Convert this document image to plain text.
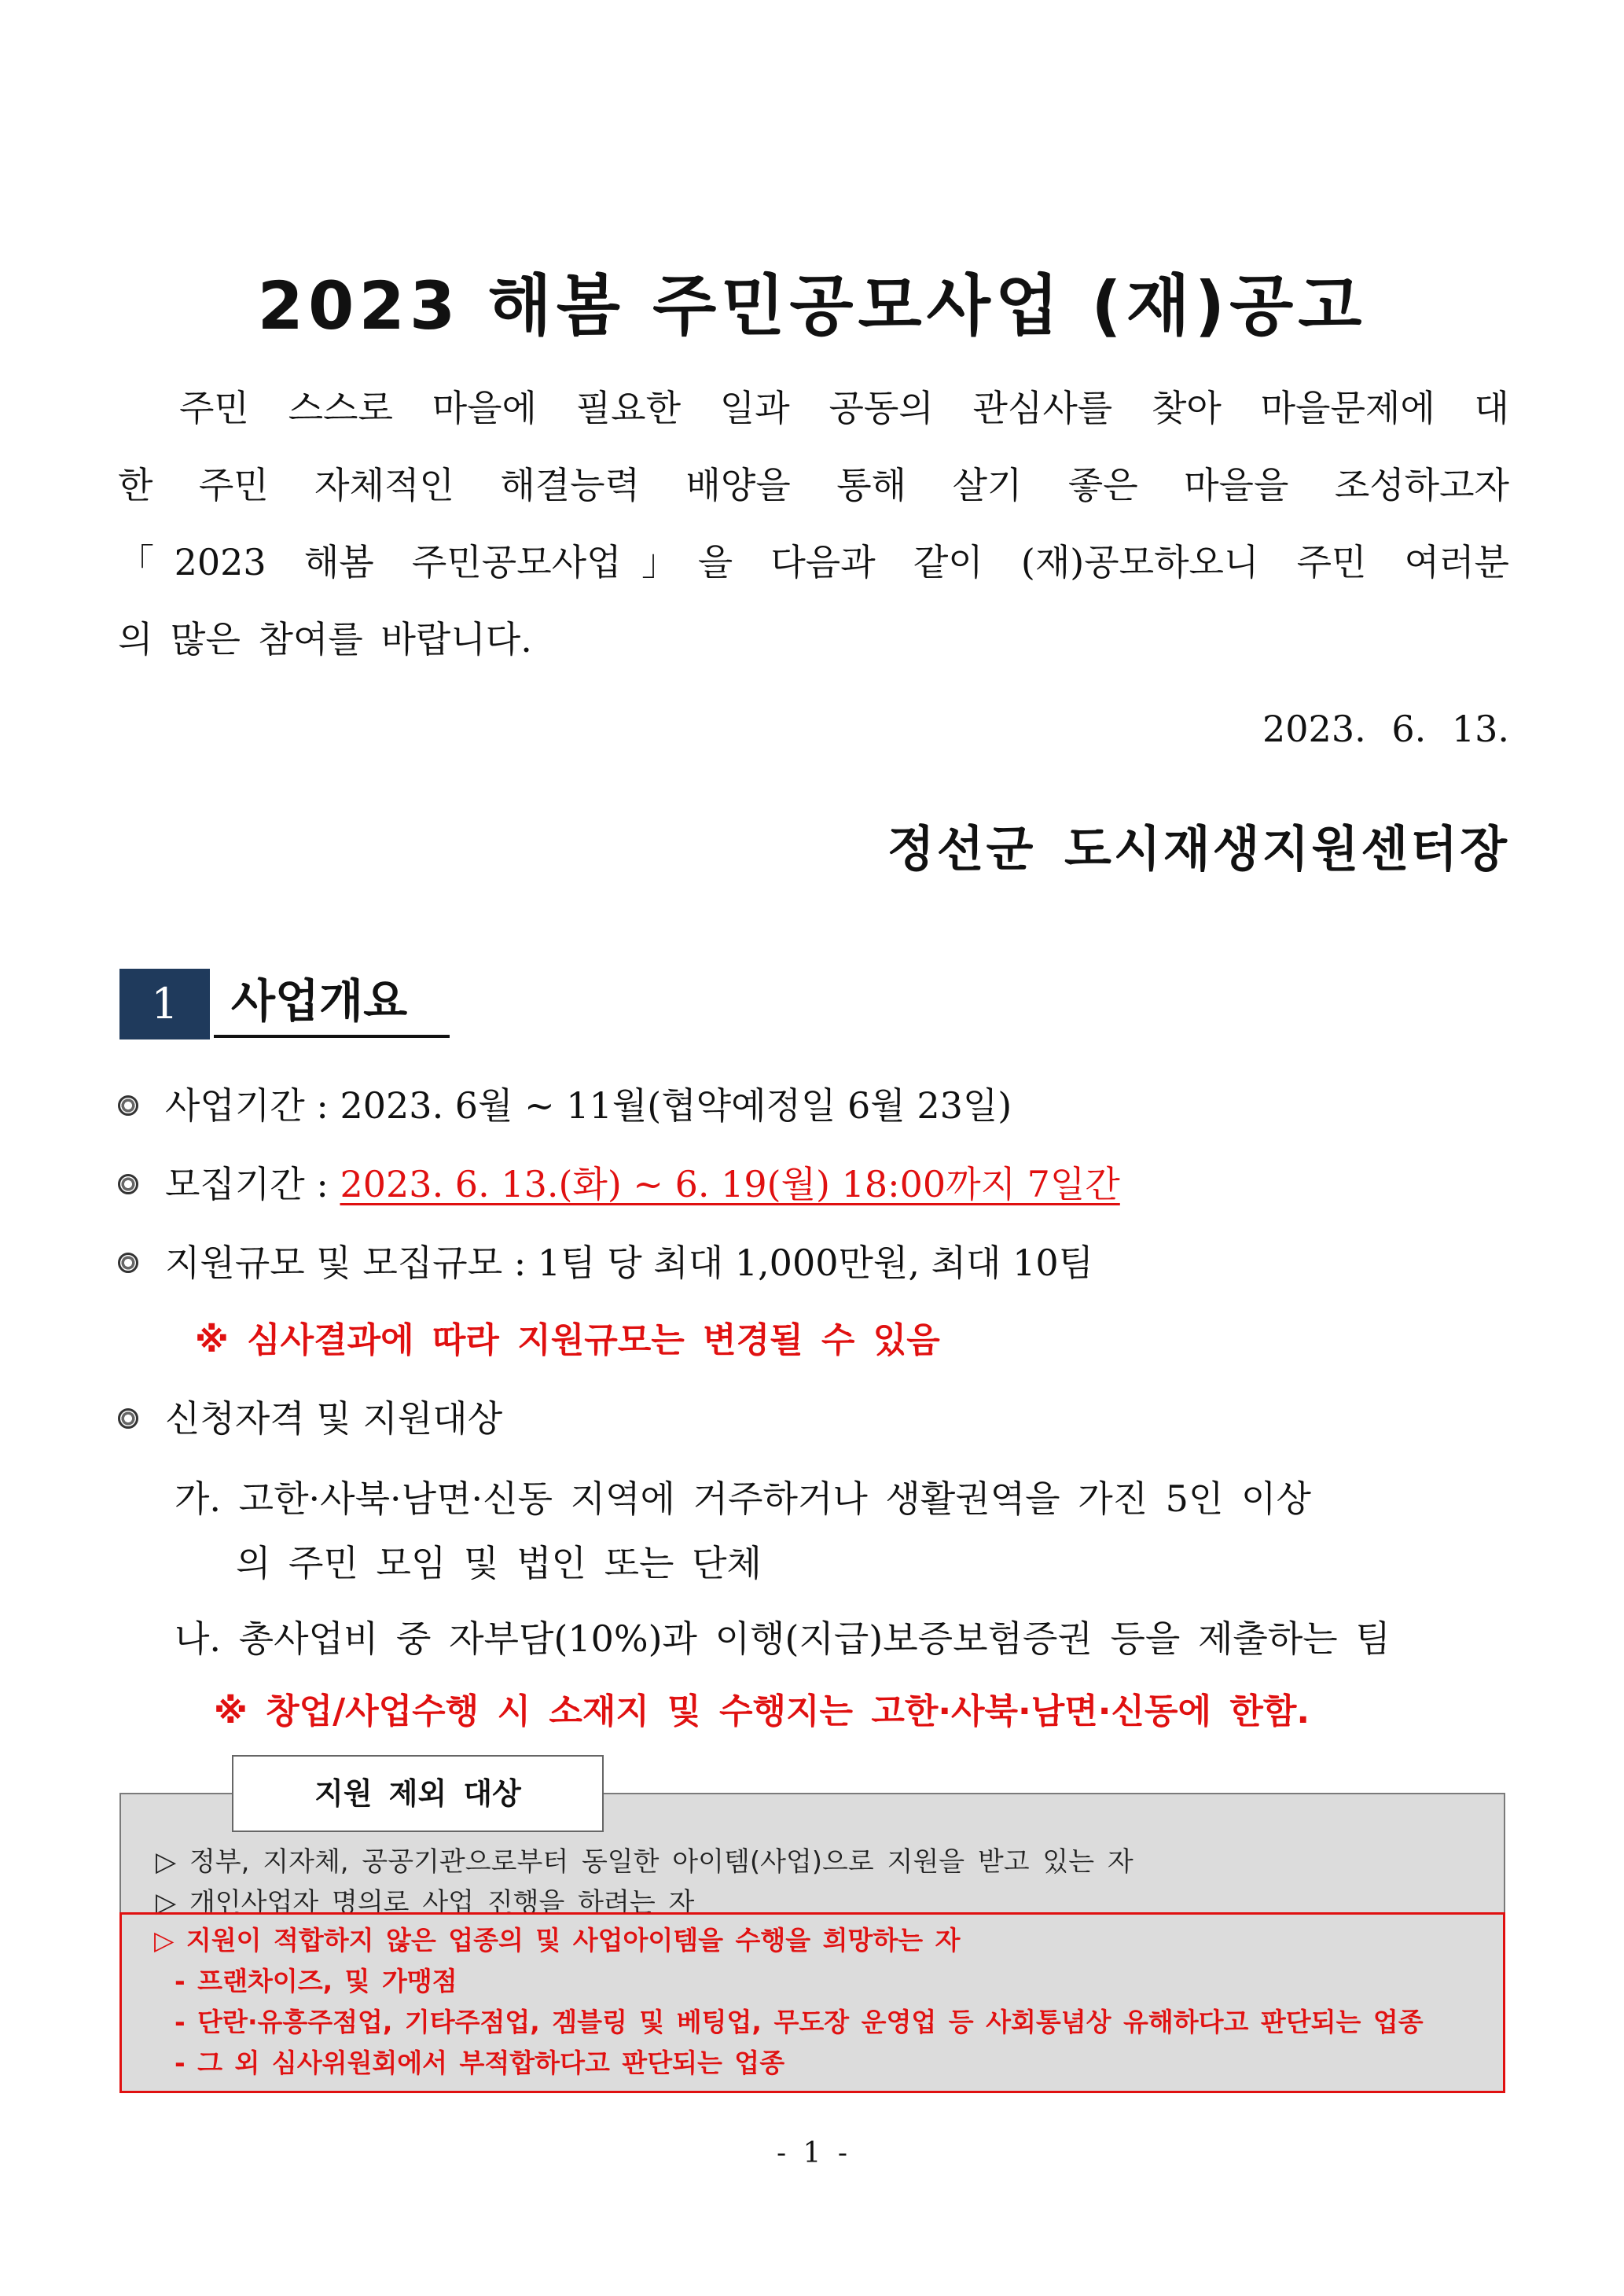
2023 해봄 주민공모사업 (재)공고

주민 스스로 마을에 필요한 일과 공동의 관심사를 찾아 마을문제에 대

한 주민 자체적인 해결능력 배양을 통해 살기 좋은 마을을 조성하고자

「2023 해봄 주민공모사업」을 다음과 같이 (재)공모하오니 주민 여러분

의 많은 참여를 바랍니다.

2023. 6. 13.
정선군 도시재생지원센터장
1	사업개요
사업기간 : 2023. 6월 ~ 11월(협약예정일 6월 23일)
모집기간 : 2023. 6. 13.(화) ~ 6. 19(월) 18:00까지 7일간
지원규모 및 모집규모 : 1팀 당 최대 1,000만원, 최대 10팀
※ 심사결과에 따라 지원규모는 변경될 수 있음
신청자격 및 지원대상
가. 고한·사북·남면·신동 지역에 거주하거나 생활권역을 가진 5인 이상
의 주민 모임 및 법인 또는 단체
나. 총사업비 중 자부담(10%)과 이행(지급)보증보험증권 등을 제출하는 팀
※ 창업/사업수행 시 소재지 및 수행지는 고한·사북·남면·신동에 한함.
지원 제외 대상
▷ 정부, 지자체, 공공기관으로부터 동일한 아이템(사업)으로 지원을 받고 있는 자
▷ 개인사업자 명의로 사업 진행을 하려는 자
▷ 지원이 적합하지 않은 업종의 및 사업아이템을 수행을 희망하는 자
- 프랜차이즈, 및 가맹점
- 단란·유흥주점업, 기타주점업, 겜블링 및 베팅업, 무도장 운영업 등 사회통념상 유해하다고 판단되는 업종
- 그 외 심사위원회에서 부적합하다고 판단되는 업종
- 1 -
